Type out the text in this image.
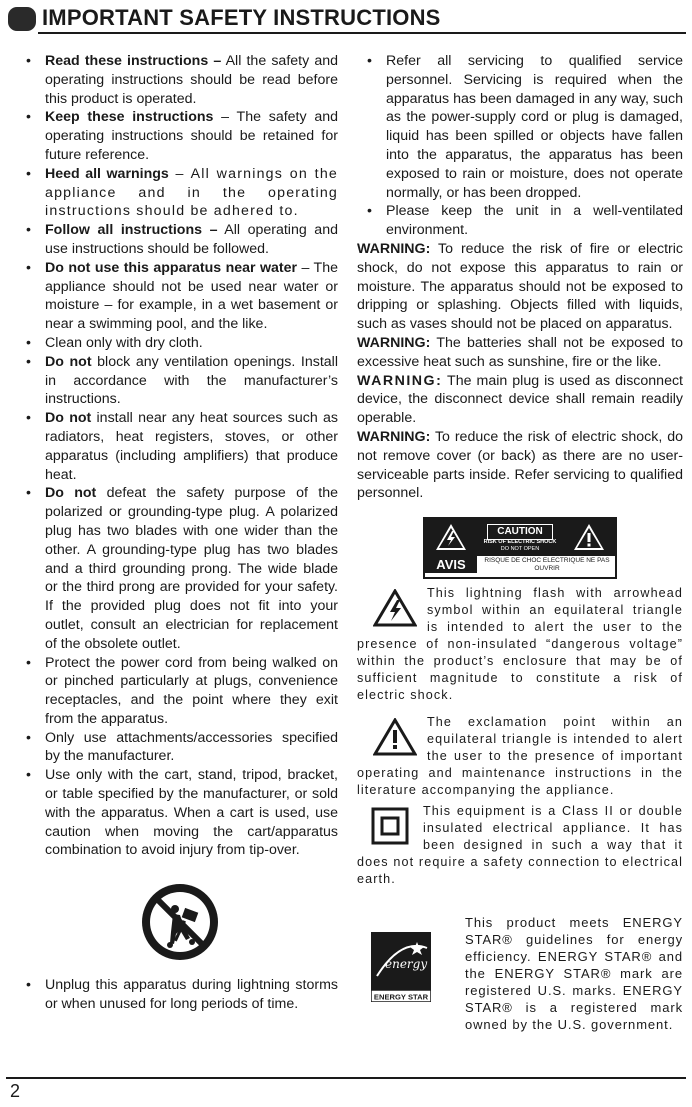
IMPORTANT SAFETY INSTRUCTIONS
• Read these instructions – All the safety and operating instructions should be read before this product is operated.
• Keep these instructions – The safety and operating instructions should be retained for future reference.
• Heed all warnings – All warnings on the appliance and in the operating instructions should be adhered to.
• Follow all instructions – All operating and use instructions should be followed.
• Do not use this apparatus near water – The appliance should not be used near water or moisture – for example, in a wet basement or near a swimming pool, and the like.
• Clean only with dry cloth.
• Do not block any ventilation openings. Install in accordance with the manufacturer’s instructions.
• Do not install near any heat sources such as radiators, heat registers, stoves, or other apparatus (including amplifiers) that produce heat.
• Do not defeat the safety purpose of the polarized or grounding-type plug. A polarized plug has two blades with one wider than the other. A grounding-type plug has two blades and a third grounding prong. The wide blade or the third prong are provided for your safety. If the provided plug does not fit into your outlet, consult an electrician for replacement of the obsolete outlet.
• Protect the power cord from being walked on or pinched particularly at plugs, convenience receptacles, and the point where they exit from the apparatus.
• Only use attachments/accessories specified by the manufacturer.
• Use only with the cart, stand, tripod, bracket, or table specified by the manufacturer, or sold with the apparatus. When a cart is used, use caution when moving the cart/apparatus combination to avoid injury from tip-over.
• Unplug this apparatus during lightning storms or when unused for long periods of time.
• Refer all servicing to qualified service personnel. Servicing is required when the apparatus has been damaged in any way, such as the power-supply cord or plug is damaged, liquid has been spilled or objects have fallen into the apparatus, the apparatus has been exposed to rain or moisture, does not operate normally, or has been dropped.
• Please keep the unit in a well-ventilated environment.

WARNING: To reduce the risk of fire or electric shock, do not expose this apparatus to rain or moisture. The apparatus should not be exposed to dripping or splashing. Objects filled with liquids, such as vases should not be placed on apparatus.

WARNING: The batteries shall not be exposed to excessive heat such as sunshine, fire or the like.

WARNING: The main plug is used as disconnect device, the disconnect device shall remain readily operable.

WARNING: To reduce the risk of electric shock, do not remove cover (or back) as there are no user-serviceable parts inside. Refer servicing to qualified personnel.

CAUTION
RISK OF ELECTRIC SHOCK
DO NOT OPEN
AVIS	RISQUE DE CHOC ELECTRIQUE NE PAS OUVRIR
This lightning flash with arrowhead symbol within an equilateral triangle is intended to alert the user to the presence of non-insulated “dangerous voltage” within the product’s enclosure that may be of sufficient magnitude to constitute a risk of electric shock.
The exclamation point within an equilateral triangle is intended to alert the user to the presence of important operating and maintenance instructions in the literature accompanying the appliance.
This equipment is a Class II or double insulated electrical appliance. It has been designed in such a way that it does not require a safety connection to electrical earth.
energy
ENERGY STAR
This product meets ENERGY STAR® guidelines for energy efficiency. ENERGY STAR® and the ENERGY STAR® mark are registered U.S. marks. ENERGY STAR® is a registered mark owned by the U.S. government.
2
